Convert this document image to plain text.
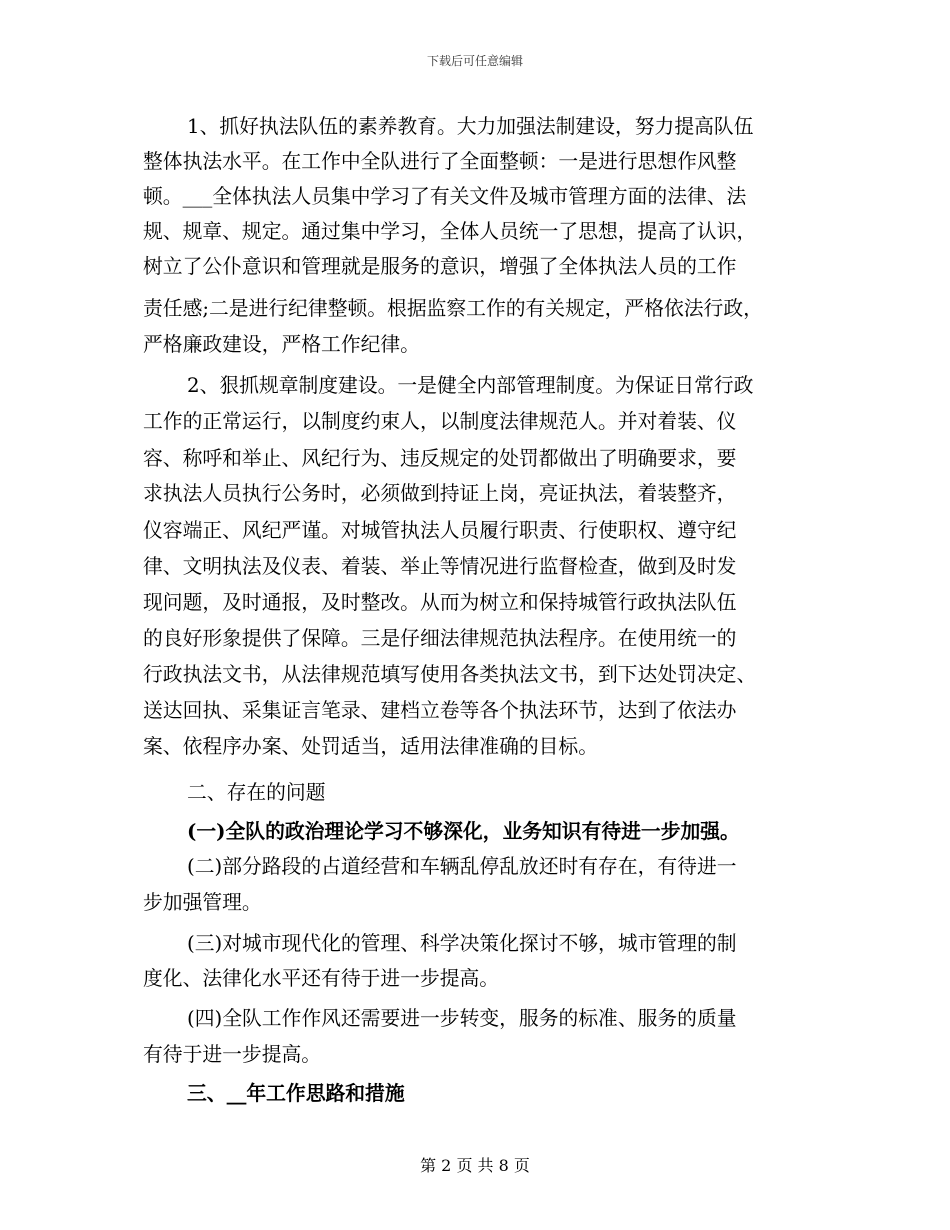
下载后可任意编辑
1、抓好执法队伍的素养教育。大力加强法制建设，努力提高队伍
整体执法水平。在工作中全队进行了全面整顿：一是进行思想作风整
顿。___全体执法人员集中学习了有关文件及城市管理方面的法律、法
规、规章、规定。通过集中学习，全体人员统一了思想，提高了认识，
树立了公仆意识和管理就是服务的意识，增强了全体执法人员的工作
责任感;二是进行纪律整顿。根据监察工作的有关规定，严格依法行政，
严格廉政建设，严格工作纪律。
2、狠抓规章制度建设。一是健全内部管理制度。为保证日常行政
工作的正常运行，以制度约束人，以制度法律规范人。并对着装、仪
容、称呼和举止、风纪行为、违反规定的处罚都做出了明确要求，要
求执法人员执行公务时，必须做到持证上岗，亮证执法，着装整齐，
仪容端正、风纪严谨。对城管执法人员履行职责、行使职权、遵守纪
律、文明执法及仪表、着装、举止等情况进行监督检查，做到及时发
现问题，及时通报，及时整改。从而为树立和保持城管行政执法队伍
的良好形象提供了保障。三是仔细法律规范执法程序。在使用统一的
行政执法文书，从法律规范填写使用各类执法文书，到下达处罚决定、
送达回执、采集证言笔录、建档立卷等各个执法环节，达到了依法办
案、依程序办案、处罚适当，适用法律准确的目标。
二、存在的问题
(一)全队的政治理论学习不够深化，业务知识有待进一步加强。
(二)部分路段的占道经营和车辆乱停乱放还时有存在，有待进一
步加强管理。
(三)对城市现代化的管理、科学决策化探讨不够，城市管理的制
度化、法律化水平还有待于进一步提高。
(四)全队工作作风还需要进一步转变，服务的标准、服务的质量
有待于进一步提高。
三、__年工作思路和措施
第 2 页 共 8 页
